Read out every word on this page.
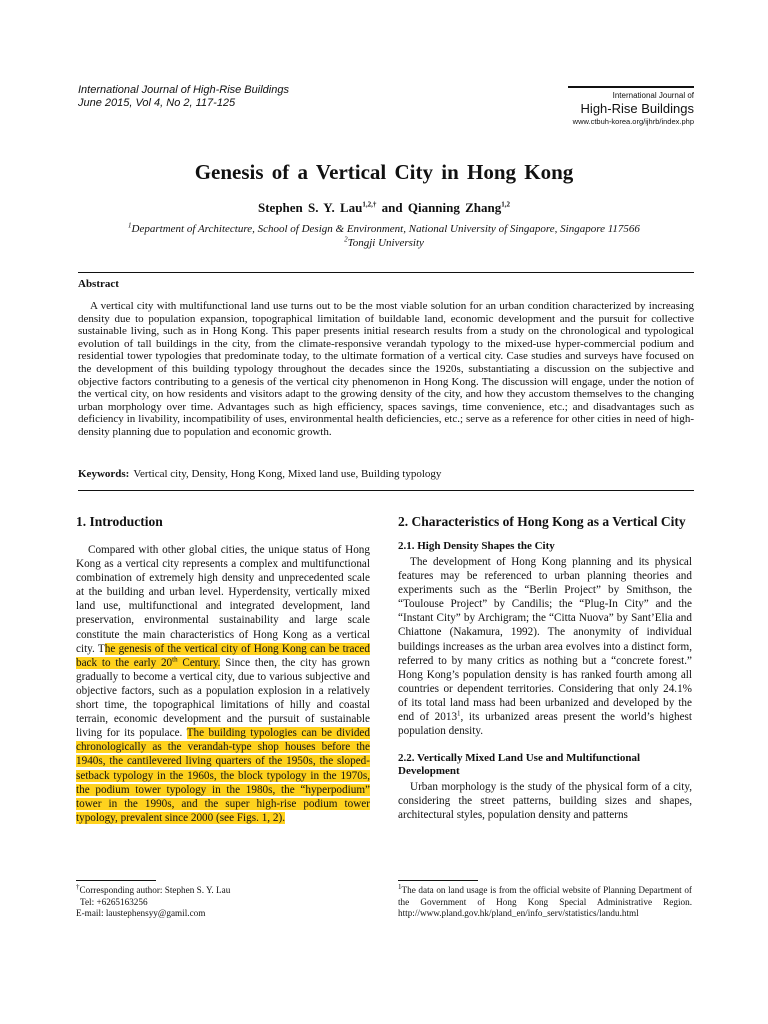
International Journal of High-Rise Buildings
June 2015, Vol 4, No 2, 117-125
International Journal of
High-Rise Buildings
www.ctbuh-korea.org/ijhrb/index.php
Genesis of a Vertical City in Hong Kong
Stephen S. Y. Lau$^{1,2,\dagger}$ and Qianning Zhang$^{1,2}$
$^1$Department of Architecture, School of Design & Environment, National University of Singapore, Singapore 117566
$^2$Tongji University
Abstract

A vertical city with multifunctional land use turns out to be the most viable solution for an urban condition characterized by increasing density due to population expansion, topographical limitation of buildable land, economic development and the pursuit for collective sustainable living, such as in Hong Kong. This paper presents initial research results from a study on the chronological and typological evolution of tall buildings in the city, from the climate-responsive verandah typology to the mixed-use hyper-commercial podium and residential tower typologies that predominate today, to the ultimate formation of a vertical city. Case studies and surveys have focused on the development of this building typology throughout the decades since the 1920s, substantiating a discussion on the subjective and objective factors contributing to a genesis of the vertical city phenomenon in Hong Kong. The discussion will engage, under the notion of the vertical city, on how residents and visitors adapt to the growing density of the city, and how they accustom themselves to the changing urban morphology over time. Advantages such as high efficiency, spaces savings, time convenience, etc.; and disadvantages such as deficiency in livability, incompatibility of uses, environmental health deficiencies, etc.; serve as a reference for other cities in need of high-density planning due to population and economic growth.

Keywords: Vertical city, Density, Hong Kong, Mixed land use, Building typology
1. Introduction

Compared with other global cities, the unique status of Hong Kong as a vertical city represents a complex and multifunctional combination of extremely high density and unprecedented scale at the building and urban level. Hyperdensity, vertically mixed land use, multifunctional and integrated development, land preservation, environmental sustainability and large scale constitute the main characteristics of Hong Kong as a vertical city. The genesis of the vertical city of Hong Kong can be traced back to the early 20th Century. Since then, the city has grown gradually to become a vertical city, due to various subjective and objective factors, such as a population explosion in a relatively short time, the topographical limitations of hilly and coastal terrain, economic development and the pursuit of sustainable living for its populace. The building typologies can be divided chronologically as the verandah-type shop houses before the 1940s, the cantilevered living quarters of the 1950s, the sloped-setback typology in the 1960s, the block typology in the 1970s, the podium tower typology in the 1980s, the “hyperpodium” tower in the 1990s, and the super high-rise podium tower typology, prevalent since 2000 (see Figs. 1, 2).

†Corresponding author: Stephen S. Y. Lau
Tel: +6265163256
E-mail: laustephensyy@gamil.com
2. Characteristics of Hong Kong as a Vertical City
2.1. High Density Shapes the City

The development of Hong Kong planning and its physical features may be referenced to urban planning theories and experiments such as the “Berlin Project” by Smithson, the “Toulouse Project” by Candilis; the “Plug-In City” and the “Instant City” by Archigram; the “Citta Nuova” by Sant’Elia and Chiattone (Nakamura, 1992). The anonymity of individual buildings increases as the urban area evolves into a distinct form, referred to by many critics as nothing but a “concrete forest.” Hong Kong’s population density is has ranked fourth among all countries or dependent territories. Considering that only 24.1% of its total land mass had been urbanized and developed by the end of 2013$^1$, its urbanized areas present the world’s highest population density.

2.2. Vertically Mixed Land Use and Multifunctional Development

Urban morphology is the study of the physical form of a city, considering the street patterns, building sizes and shapes, architectural styles, population density and patterns

$^1$The data on land usage is from the official website of Planning Department of the Government of Hong Kong Special Administrative Region. http://www.pland.gov.hk/pland_en/info_serv/statistics/landu.html
